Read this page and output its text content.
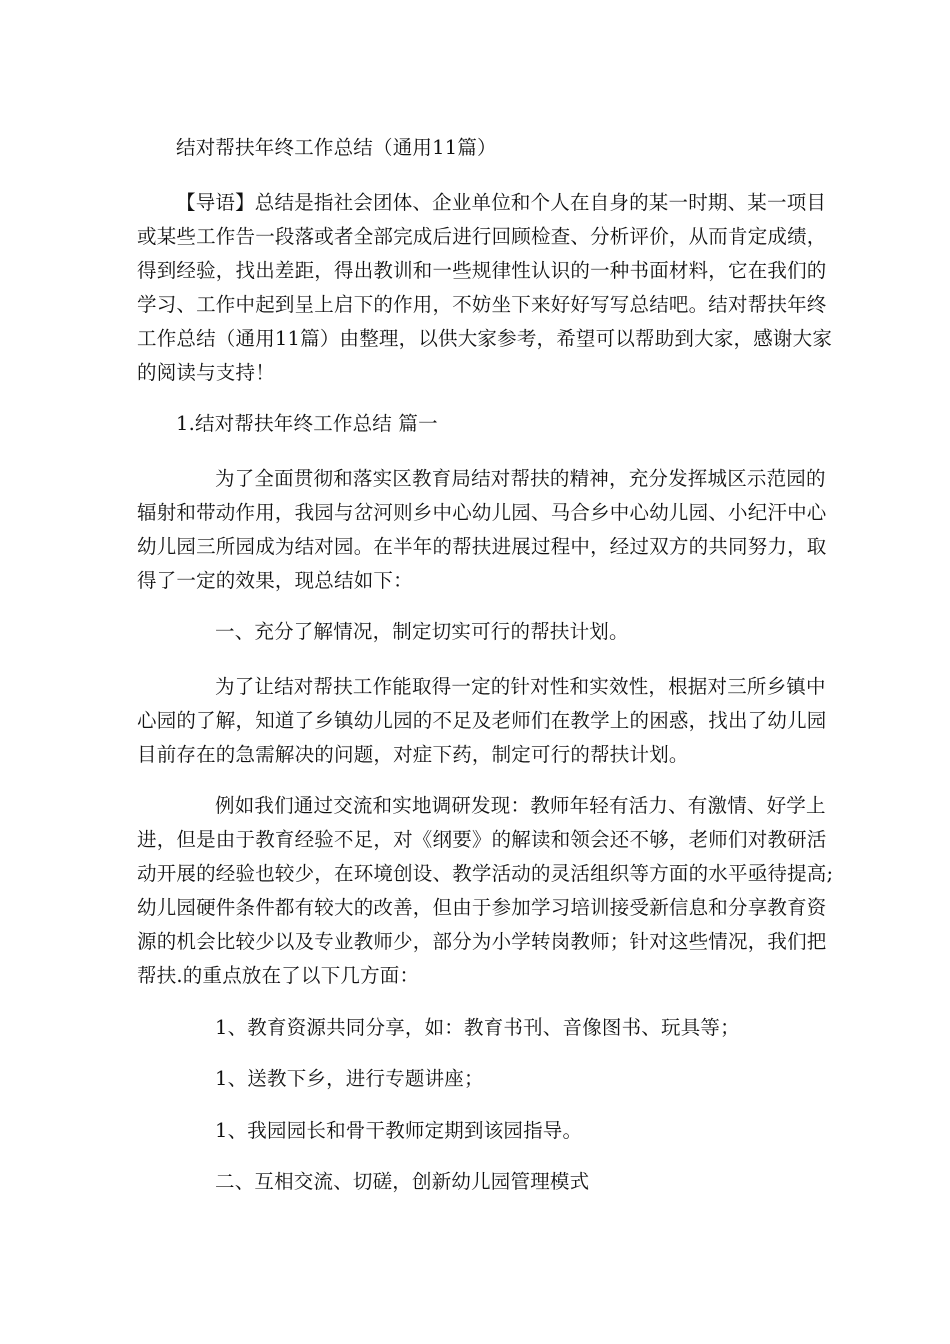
结对帮扶年终工作总结（通用11篇）
【导语】总结是指社会团体、企业单位和个人在自身的某一时期、某一项目
或某些工作告一段落或者全部完成后进行回顾检查、分析评价，从而肯定成绩，
得到经验，找出差距，得出教训和一些规律性认识的一种书面材料，它在我们的
学习、工作中起到呈上启下的作用，不妨坐下来好好写写总结吧。结对帮扶年终
工作总结（通用11篇）由整理，以供大家参考，希望可以帮助到大家，感谢大家
的阅读与支持！
1.结对帮扶年终工作总结 篇一
为了全面贯彻和落实区教育局结对帮扶的精神，充分发挥城区示范园的
辐射和带动作用，我园与岔河则乡中心幼儿园、马合乡中心幼儿园、小纪汗中心
幼儿园三所园成为结对园。在半年的帮扶进展过程中，经过双方的共同努力，取
得了一定的效果，现总结如下：
一、充分了解情况，制定切实可行的帮扶计划。
为了让结对帮扶工作能取得一定的针对性和实效性，根据对三所乡镇中
心园的了解，知道了乡镇幼儿园的不足及老师们在教学上的困惑，找出了幼儿园
目前存在的急需解决的问题，对症下药，制定可行的帮扶计划。
例如我们通过交流和实地调研发现：教师年轻有活力、有激情、好学上
进，但是由于教育经验不足，对《纲要》的解读和领会还不够，老师们对教研活
动开展的经验也较少，在环境创设、教学活动的灵活组织等方面的水平亟待提高;
幼儿园硬件条件都有较大的改善，但由于参加学习培训接受新信息和分享教育资
源的机会比较少以及专业教师少，部分为小学转岗教师；针对这些情况，我们把
帮扶.的重点放在了以下几方面：
1、教育资源共同分享，如：教育书刊、音像图书、玩具等；
1、送教下乡，进行专题讲座；
1、我园园长和骨干教师定期到该园指导。
二、互相交流、切磋，创新幼儿园管理模式
